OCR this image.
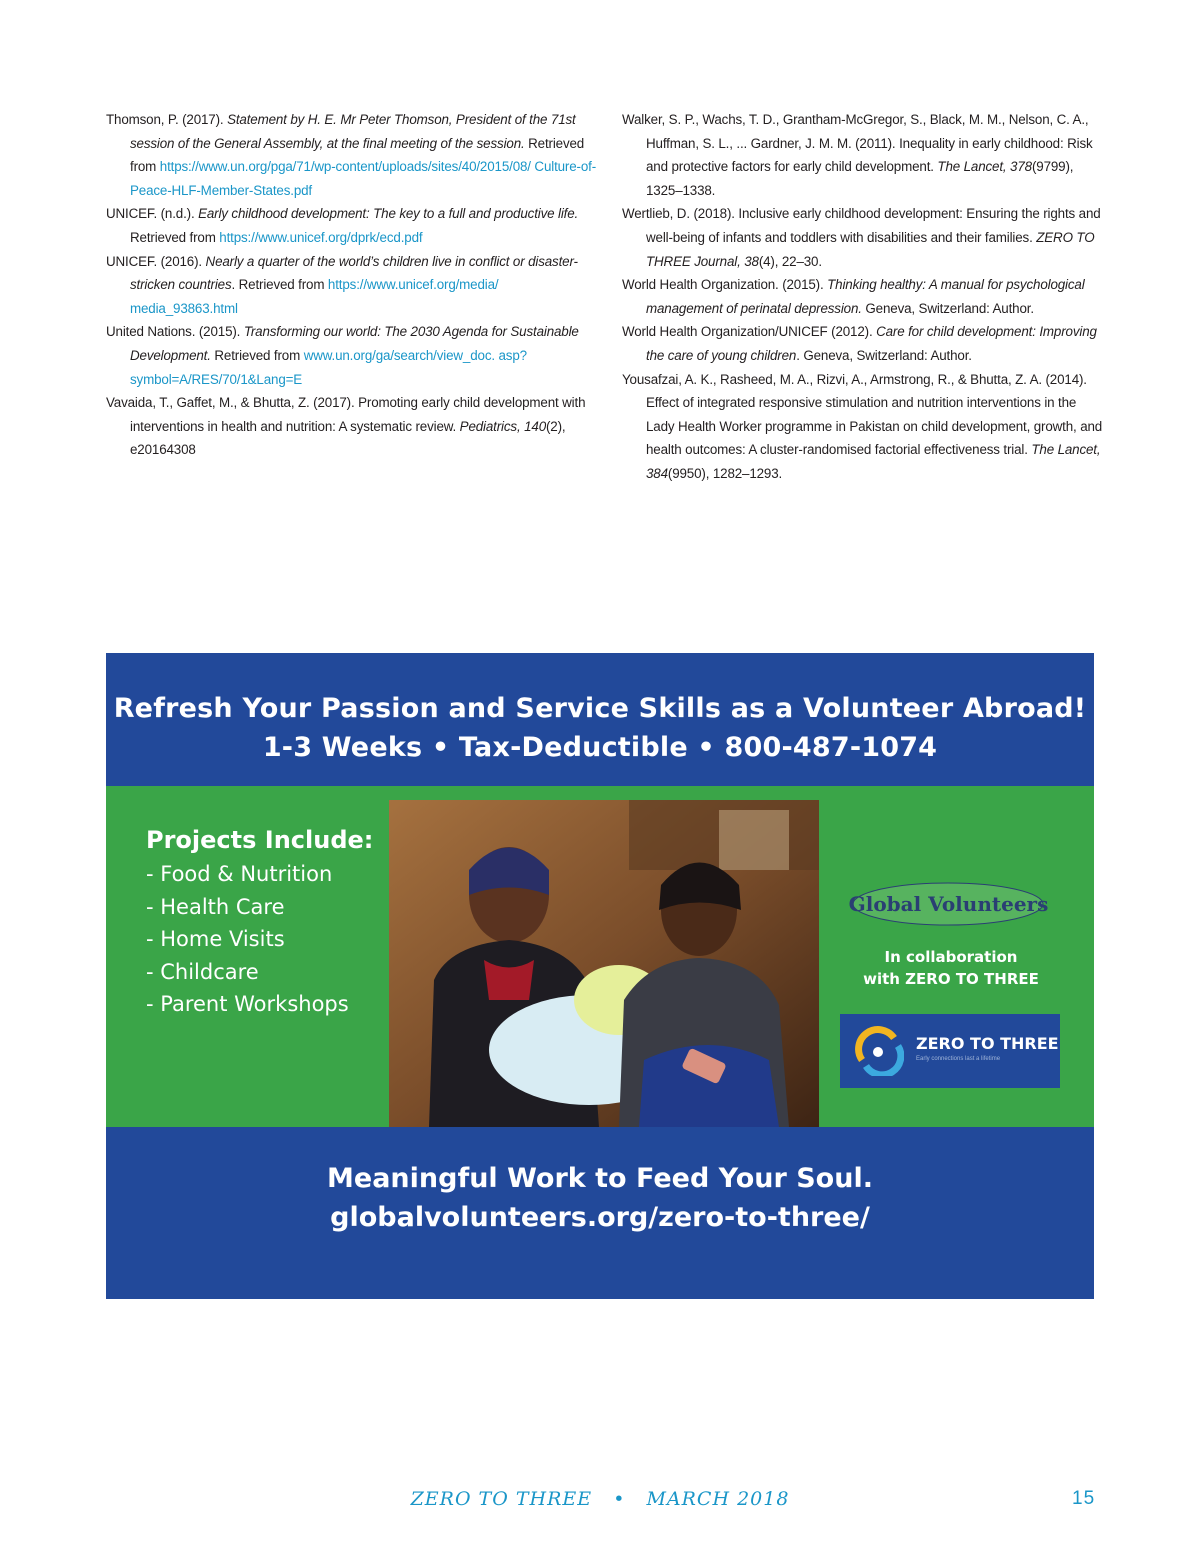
Thomson, P. (2017). Statement by H. E. Mr Peter Thomson, President of the 71st session of the General Assembly, at the final meeting of the session. Retrieved from https://www.un.org/pga/71/wp-content/uploads/sites/40/2015/08/ Culture-of-Peace-HLF-Member-States.pdf

UNICEF. (n.d.). Early childhood development: The key to a full and productive life. Retrieved from https://www.unicef.org/dprk/ecd.pdf

UNICEF. (2016). Nearly a quarter of the world’s children live in conflict or disaster-stricken countries. Retrieved from https://www.unicef.org/media/ media_93863.html

United Nations. (2015). Transforming our world: The 2030 Agenda for Sustainable Development. Retrieved from www.un.org/ga/search/view_doc. asp?symbol=A/RES/70/1&Lang=E

Vavaida, T., Gaffet, M., & Bhutta, Z. (2017). Promoting early child development with interventions in health and nutrition: A systematic review. Pediatrics, 140(2), e20164308

Walker, S. P., Wachs, T. D., Grantham-McGregor, S., Black, M. M., Nelson, C. A., Huffman, S. L., ... Gardner, J. M. M. (2011). Inequality in early childhood: Risk and protective factors for early child development. The Lancet, 378(9799), 1325–1338.

Wertlieb, D. (2018). Inclusive early childhood development: Ensuring the rights and well-being of infants and toddlers with disabilities and their families. ZERO TO THREE Journal, 38(4), 22–30.

World Health Organization. (2015). Thinking healthy: A manual for psychological management of perinatal depression. Geneva, Switzerland: Author.

World Health Organization/UNICEF (2012). Care for child development: Improving the care of young children. Geneva, Switzerland: Author.

Yousafzai, A. K., Rasheed, M. A., Rizvi, A., Armstrong, R., & Bhutta, Z. A. (2014). Effect of integrated responsive stimulation and nutrition interventions in the Lady Health Worker programme in Pakistan on child development, growth, and health outcomes: A cluster-randomised factorial effectiveness trial. The Lancet, 384(9950), 1282–1293.

Refresh Your Passion and Service Skills as a Volunteer Abroad!
1-3 Weeks • Tax-Deductible • 800-487-1074
Projects Include:
- Food & Nutrition
- Health Care
- Home Visits
- Childcare
- Parent Workshops
Global Volunteers
In collaboration
with ZERO TO THREE
ZERO TO THREE
Early connections last a lifetime
Meaningful Work to Feed Your Soul.
globalvolunteers.org/zero-to-three/
ZERO TO THREE • MARCH 2018	15
